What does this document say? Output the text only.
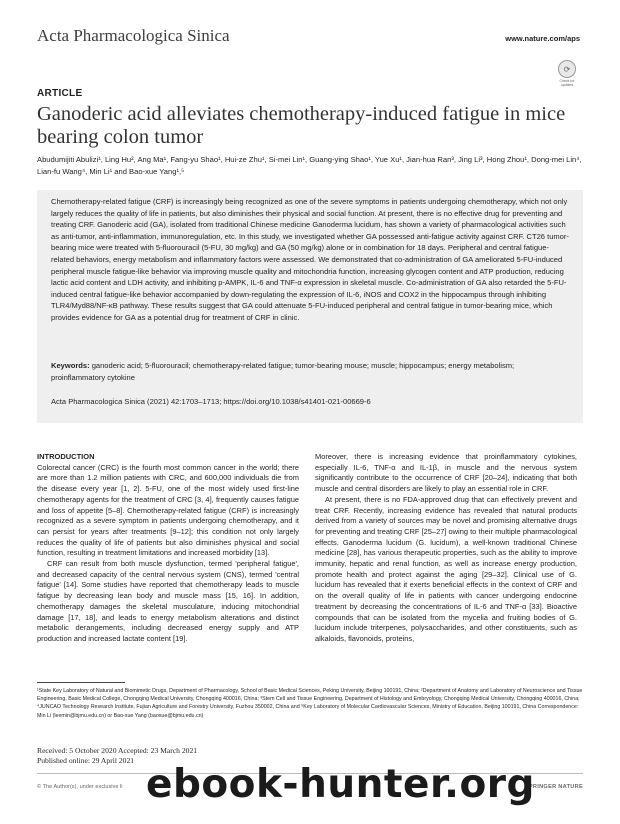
Acta Pharmacologica Sinica	www.nature.com/aps
⟳
Check for updates
ARTICLE
Ganoderic acid alleviates chemotherapy-induced fatigue in mice bearing colon tumor
Abudumijiti Abulizi¹, Ling Hu², Ang Ma¹, Fang-yu Shao¹, Hui-ze Zhu¹, Si-mei Lin¹, Guang-ying Shao¹, Yue Xu¹, Jian-hua Ran³, Jing Li³, Hong Zhou¹, Dong-mei Lin⁴, Lian-fu Wang⁴, Min Li¹ and Bao-xue Yang¹,⁵
Chemotherapy-related fatigue (CRF) is increasingly being recognized as one of the severe symptoms in patients undergoing chemotherapy, which not only largely reduces the quality of life in patients, but also diminishes their physical and social function. At present, there is no effective drug for preventing and treating CRF. Ganoderic acid (GA), isolated from traditional Chinese medicine Ganoderma lucidum, has shown a variety of pharmacological activities such as anti-tumor, anti-inflammation, immunoregulation, etc. In this study, we investigated whether GA possessed anti-fatigue activity against CRF. CT26 tumor-bearing mice were treated with 5-fluorouracil (5-FU, 30 mg/kg) and GA (50 mg/kg) alone or in combination for 18 days. Peripheral and central fatigue-related behaviors, energy metabolism and inflammatory factors were assessed. We demonstrated that co-administration of GA ameliorated 5-FU-induced peripheral muscle fatigue-like behavior via improving muscle quality and mitochondria function, increasing glycogen content and ATP production, reducing lactic acid content and LDH activity, and inhibiting p-AMPK, IL-6 and TNF-α expression in skeletal muscle. Co-administration of GA also retarded the 5-FU-induced central fatigue-like behavior accompanied by down-regulating the expression of IL-6, iNOS and COX2 in the hippocampus through inhibiting TLR4/Myd88/NF-κB pathway. These results suggest that GA could attenuate 5-FU-induced peripheral and central fatigue in tumor-bearing mice, which provides evidence for GA as a potential drug for treatment of CRF in clinic.
Keywords: ganoderic acid; 5-fluorouracil; chemotherapy-related fatigue; tumor-bearing mouse; muscle; hippocampus; energy metabolism; proinflammatory cytokine
Acta Pharmacologica Sinica (2021) 42:1703–1713; https://doi.org/10.1038/s41401-021-00669-6
INTRODUCTION

Colorectal cancer (CRC) is the fourth most common cancer in the world; there are more than 1.2 million patients with CRC, and 600,000 individuals die from the disease every year [1, 2]. 5-FU, one of the most widely used first-line chemotherapy agents for the treatment of CRC [3, 4], frequently causes fatigue and loss of appetite [5–8]. Chemotherapy-related fatigue (CRF) is increasingly recognized as a severe symptom in patients undergoing chemotherapy, and it can persist for years after treatments [9–12]; this condition not only largely reduces the quality of life of patients but also diminishes physical and social function, resulting in treatment limitations and increased morbidity [13].

CRF can result from both muscle dysfunction, termed 'peripheral fatigue', and decreased capacity of the central nervous system (CNS), termed 'central fatigue' [14]. Some studies have reported that chemotherapy leads to muscle fatigue by decreasing lean body and muscle mass [15, 16]. In addition, chemotherapy damages the skeletal musculature, inducing mitochondrial damage [17, 18], and leads to energy metabolism alterations and distinct metabolic derangements, including decreased energy supply and ATP production and increased lactate content [19].

Moreover, there is increasing evidence that proinflammatory cytokines, especially IL-6, TNF-α and IL-1β, in muscle and the nervous system significantly contribute to the occurrence of CRF [20–24], indicating that both muscle and central disorders are likely to play an essential role in CRF.

At present, there is no FDA-approved drug that can effectively prevent and treat CRF. Recently, increasing evidence has revealed that natural products derived from a variety of sources may be novel and promising alternative drugs for preventing and treating CRF [25–27] owing to their multiple pharmacological effects. Ganoderma lucidum (G. lucidum), a well-known traditional Chinese medicine [28], has various therapeutic properties, such as the ability to improve immunity, hepatic and renal function, as well as increase energy production, promote health and protect against the aging [29–32]. Clinical use of G. lucidum has revealed that it exerts beneficial effects in the context of CRF and on the overall quality of life in patients with cancer undergoing endocrine treatment by decreasing the concentrations of IL-6 and TNF-α [33]. Bioactive compounds that can be isolated from the mycelia and fruiting bodies of G. lucidum include triterpenes, polysaccharides, and other constituents, such as alkaloids, flavonoids, proteins,

¹State Key Laboratory of Natural and Biomimetic Drugs, Department of Pharmacology, School of Basic Medical Sciences, Peking University, Beijing 100191, China; ²Department of Anatomy and Laboratory of Neuroscience and Tissue Engineering, Basic Medical College, Chongqing Medical University, Chongqing 400016, China; ³Stem Cell and Tissue Engineering, Department of Histology and Embryology, Chongqing Medical University, Chongqing 400016, China; ⁴JUNCAO Technology Research Institute, Fujian Agriculture and Forestry University, Fuzhou 350002, China and ⁵Key Laboratory of Molecular Cardiovascular Sciences, Ministry of Education, Beijing 100191, China Correspondence: Min Li (leemin@bjmu.edu.cn) or Bao-xue Yang (baoxue@bjmu.edu.cn)
Received: 5 October 2020 Accepted: 23 March 2021
Published online: 29 April 2021
© The Author(s), under exclusive li	SPRINGER NATURE
ebook-hunter.org
